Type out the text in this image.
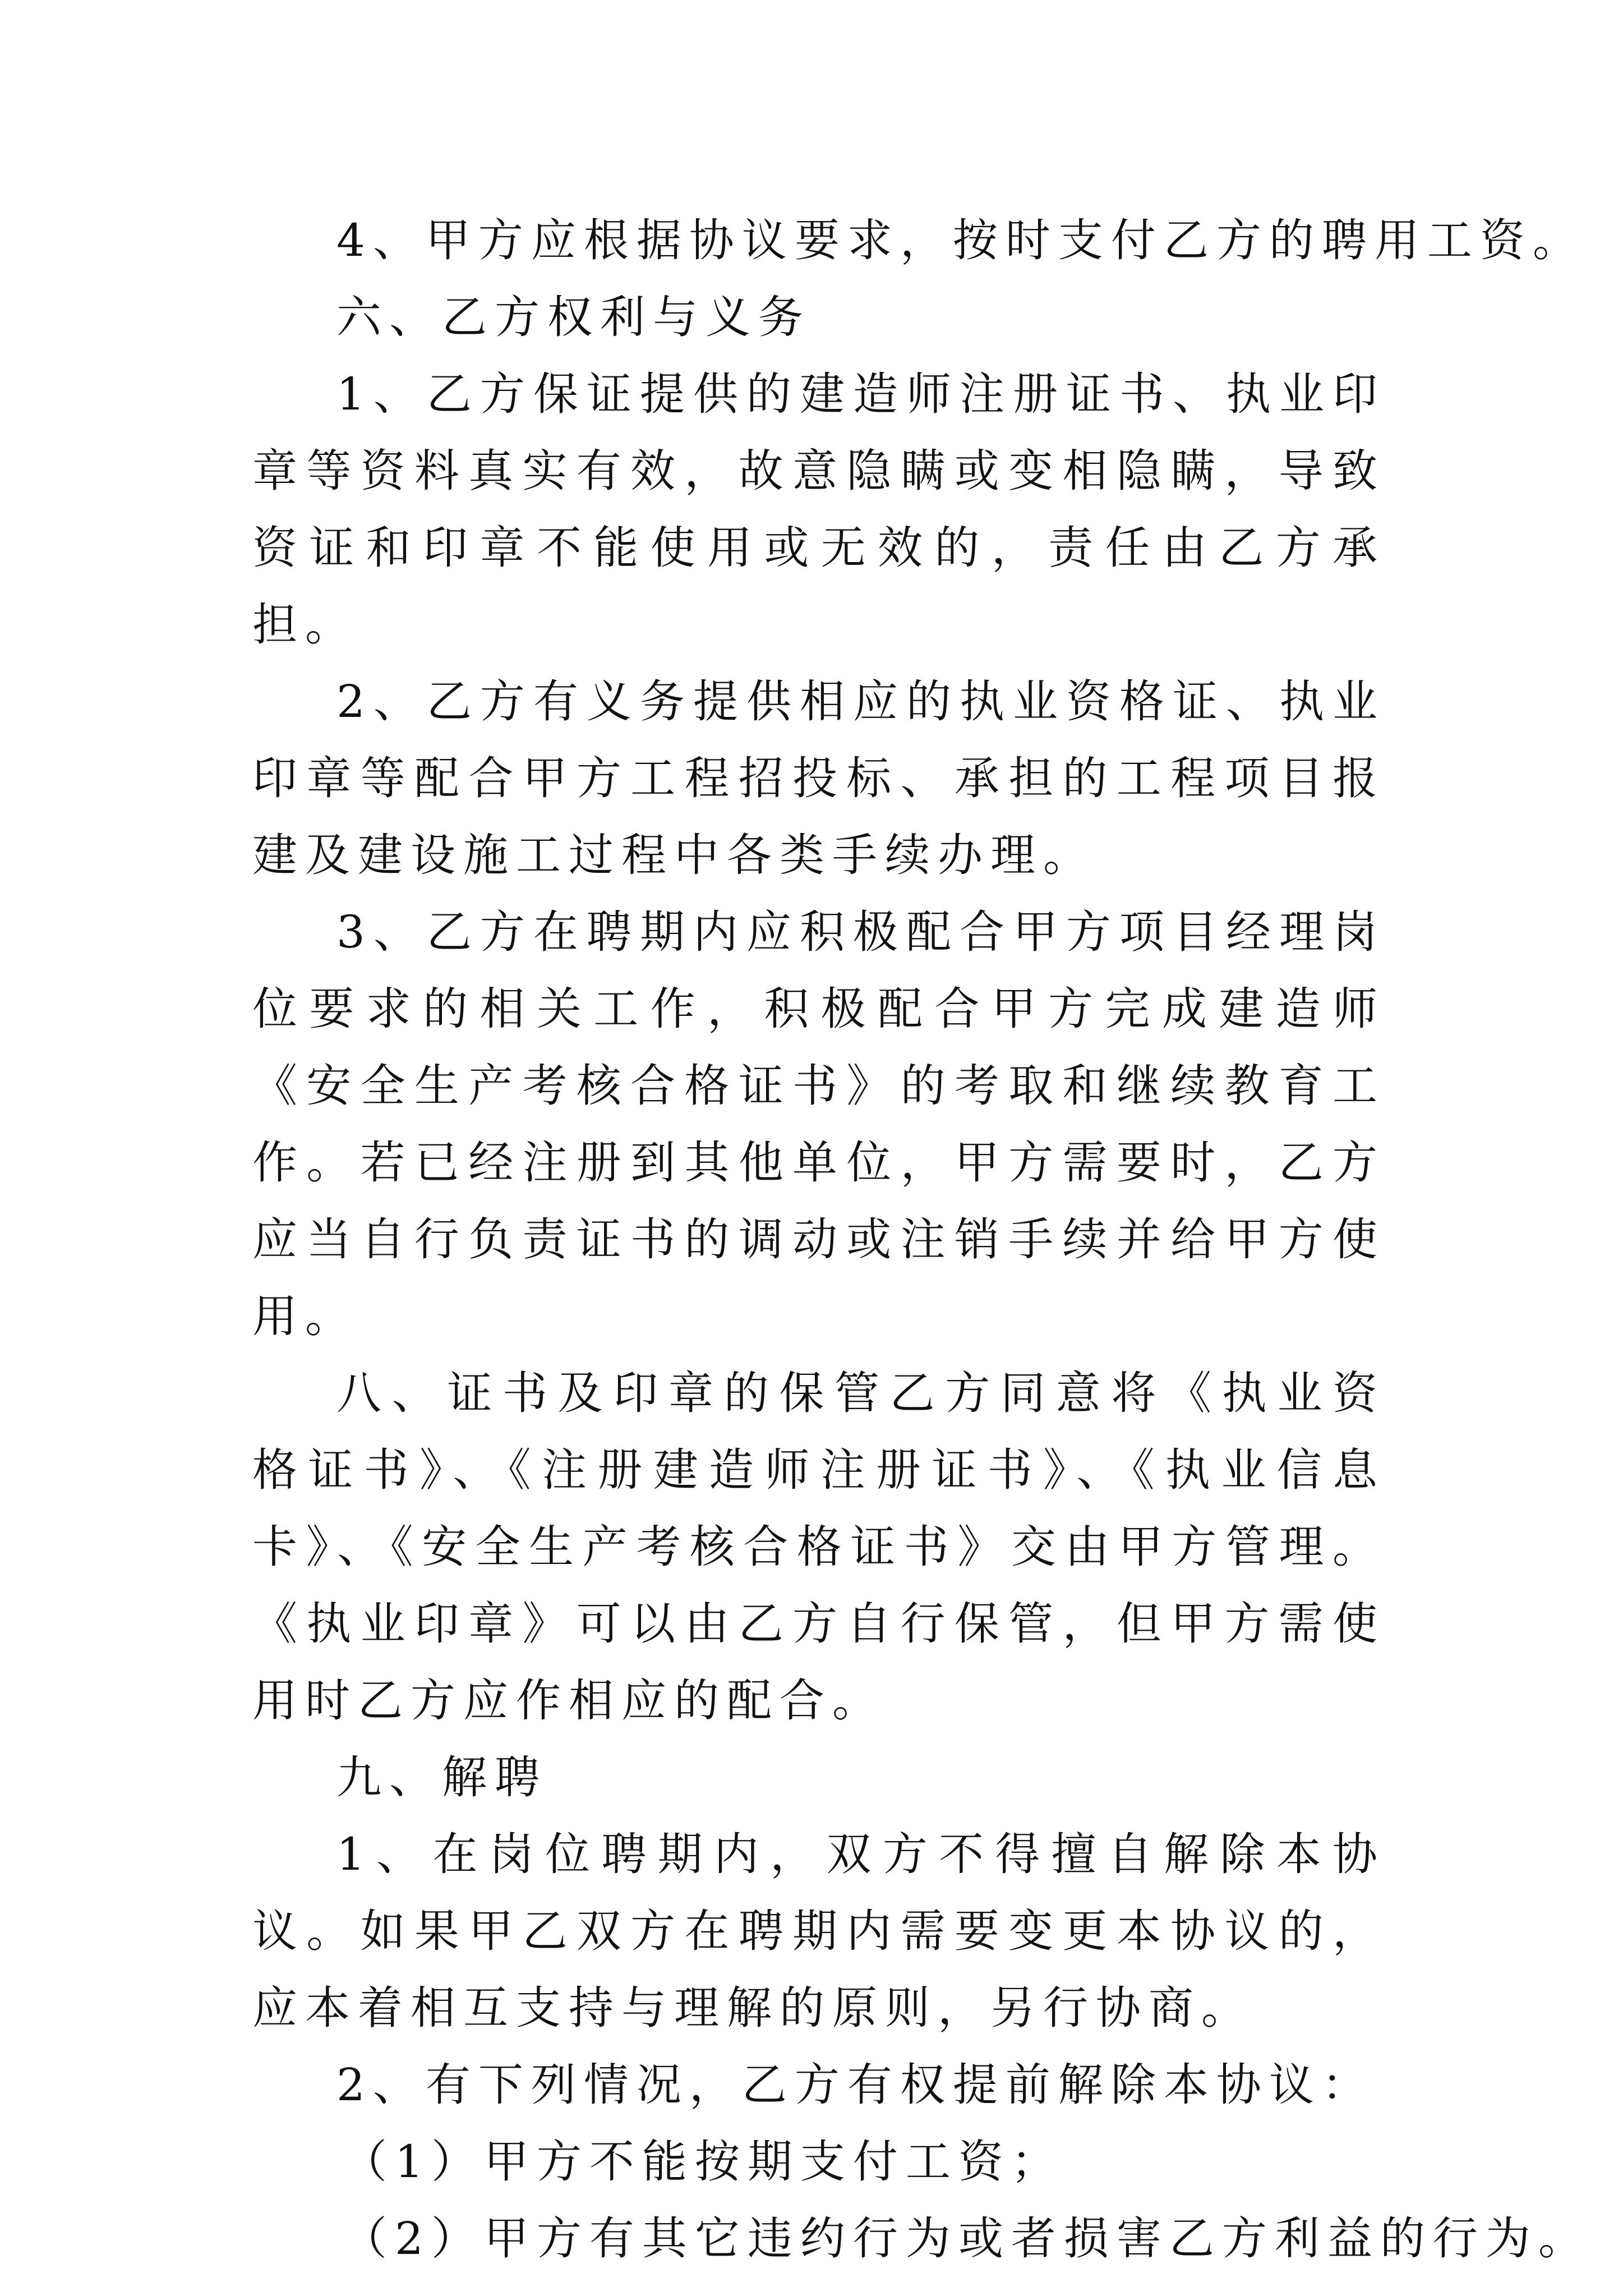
4、甲方应根据协议要求，按时支付乙方的聘用工资。

六、乙方权利与义务

1、乙方保证提供的建造师注册证书、执业印章等资料真实有效，故意隐瞒或变相隐瞒，导致资证和印章不能使用或无效的，责任由乙方承担。

2、乙方有义务提供相应的执业资格证、执业印章等配合甲方工程招投标、承担的工程项目报建及建设施工过程中各类手续办理。

3、乙方在聘期内应积极配合甲方项目经理岗位要求的相关工作，积极配合甲方完成建造师《安全生产考核合格证书》的考取和继续教育工作。若已经注册到其他单位，甲方需要时，乙方应当自行负责证书的调动或注销手续并给甲方使用。

八、证书及印章的保管乙方同意将《执业资格证书》、《注册建造师注册证书》、《执业信息卡》、《安全生产考核合格证书》交由甲方管理。《执业印章》可以由乙方自行保管，但甲方需使用时乙方应作相应的配合。

九、解聘

1、在岗位聘期内，双方不得擅自解除本协议。如果甲乙双方在聘期内需要变更本协议的，应本着相互支持与理解的原则，另行协商。

2、有下列情况，乙方有权提前解除本协议：

（1）甲方不能按期支付工资；

（2）甲方有其它违约行为或者损害乙方利益的行为。
